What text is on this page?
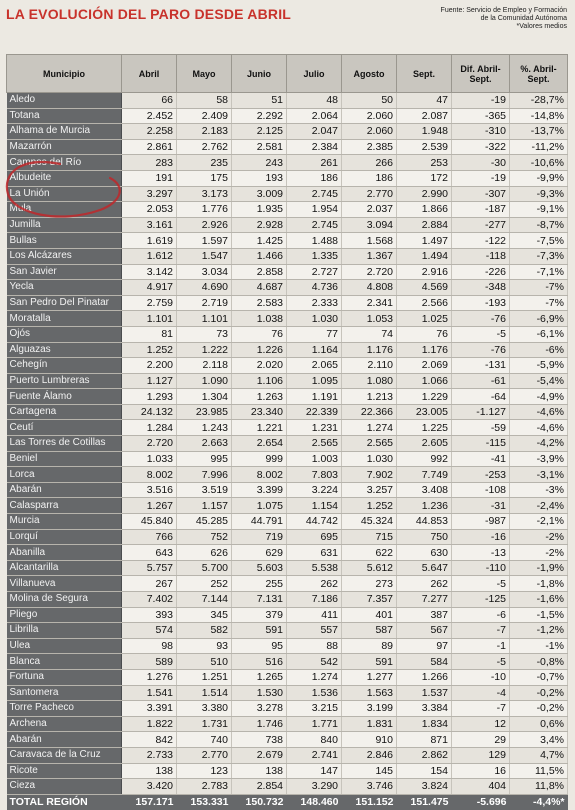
LA EVOLUCIÓN DEL PARO DESDE ABRIL	Fuente: Servicio de Empleo y Formación
de la Comunidad Autónoma
*Valores medios
Municipio	Abril	Mayo	Junio	Julio	Agosto	Sept.	Dif. Abril-Sept.	%. Abril-Sept.
Aledo	66	58	51	48	50	47	-19	-28,7%
Totana	2.452	2.409	2.292	2.064	2.060	2.087	-365	-14,8%
Alhama de Murcia	2.258	2.183	2.125	2.047	2.060	1.948	-310	-13,7%
Mazarrón	2.861	2.762	2.581	2.384	2.385	2.539	-322	-11,2%
Campos del Río	283	235	243	261	266	253	-30	-10,6%
Albudeite	191	175	193	186	186	172	-19	-9,9%
La Unión	3.297	3.173	3.009	2.745	2.770	2.990	-307	-9,3%
Mula	2.053	1.776	1.935	1.954	2.037	1.866	-187	-9,1%
Jumilla	3.161	2.926	2.928	2.745	3.094	2.884	-277	-8,7%
Bullas	1.619	1.597	1.425	1.488	1.568	1.497	-122	-7,5%
Los Alcázares	1.612	1.547	1.466	1.335	1.367	1.494	-118	-7,3%
San Javier	3.142	3.034	2.858	2.727	2.720	2.916	-226	-7,1%
Yecla	4.917	4.690	4.687	4.736	4.808	4.569	-348	-7%
San Pedro Del Pinatar	2.759	2.719	2.583	2.333	2.341	2.566	-193	-7%
Moratalla	1.101	1.101	1.038	1.030	1.053	1.025	-76	-6,9%
Ojós	81	73	76	77	74	76	-5	-6,1%
Alguazas	1.252	1.222	1.226	1.164	1.176	1.176	-76	-6%
Cehegín	2.200	2.118	2.020	2.065	2.110	2.069	-131	-5,9%
Puerto Lumbreras	1.127	1.090	1.106	1.095	1.080	1.066	-61	-5,4%
Fuente Álamo	1.293	1.304	1.263	1.191	1.213	1.229	-64	-4,9%
Cartagena	24.132	23.985	23.340	22.339	22.366	23.005	-1.127	-4,6%
Ceutí	1.284	1.243	1.221	1.231	1.274	1.225	-59	-4,6%
Las Torres de Cotillas	2.720	2.663	2.654	2.565	2.565	2.605	-115	-4,2%
Beniel	1.033	995	999	1.003	1.030	992	-41	-3,9%
Lorca	8.002	7.996	8.002	7.803	7.902	7.749	-253	-3,1%
Abarán	3.516	3.519	3.399	3.224	3.257	3.408	-108	-3%
Calasparra	1.267	1.157	1.075	1.154	1.252	1.236	-31	-2,4%
Murcia	45.840	45.285	44.791	44.742	45.324	44.853	-987	-2,1%
Lorquí	766	752	719	695	715	750	-16	-2%
Abanilla	643	626	629	631	622	630	-13	-2%
Alcantarilla	5.757	5.700	5.603	5.538	5.612	5.647	-110	-1,9%
Villanueva	267	252	255	262	273	262	-5	-1,8%
Molina de Segura	7.402	7.144	7.131	7.186	7.357	7.277	-125	-1,6%
Pliego	393	345	379	411	401	387	-6	-1,5%
Librilla	574	582	591	557	587	567	-7	-1,2%
Ulea	98	93	95	88	89	97	-1	-1%
Blanca	589	510	516	542	591	584	-5	-0,8%
Fortuna	1.276	1.251	1.265	1.274	1.277	1.266	-10	-0,7%
Santomera	1.541	1.514	1.530	1.536	1.563	1.537	-4	-0,2%
Torre Pacheco	3.391	3.380	3.278	3.215	3.199	3.384	-7	-0,2%
Archena	1.822	1.731	1.746	1.771	1.831	1.834	12	0,6%
Abarán	842	740	738	840	910	871	29	3,4%
Caravaca de la Cruz	2.733	2.770	2.679	2.741	2.846	2.862	129	4,7%
Ricote	138	123	138	147	145	154	16	11,5%
Cieza	3.420	2.783	2.854	3.290	3.746	3.824	404	11,8%
TOTAL REGIÓN	157.171	153.331	150.732	148.460	151.152	151.475	-5.696	-4,4%*
